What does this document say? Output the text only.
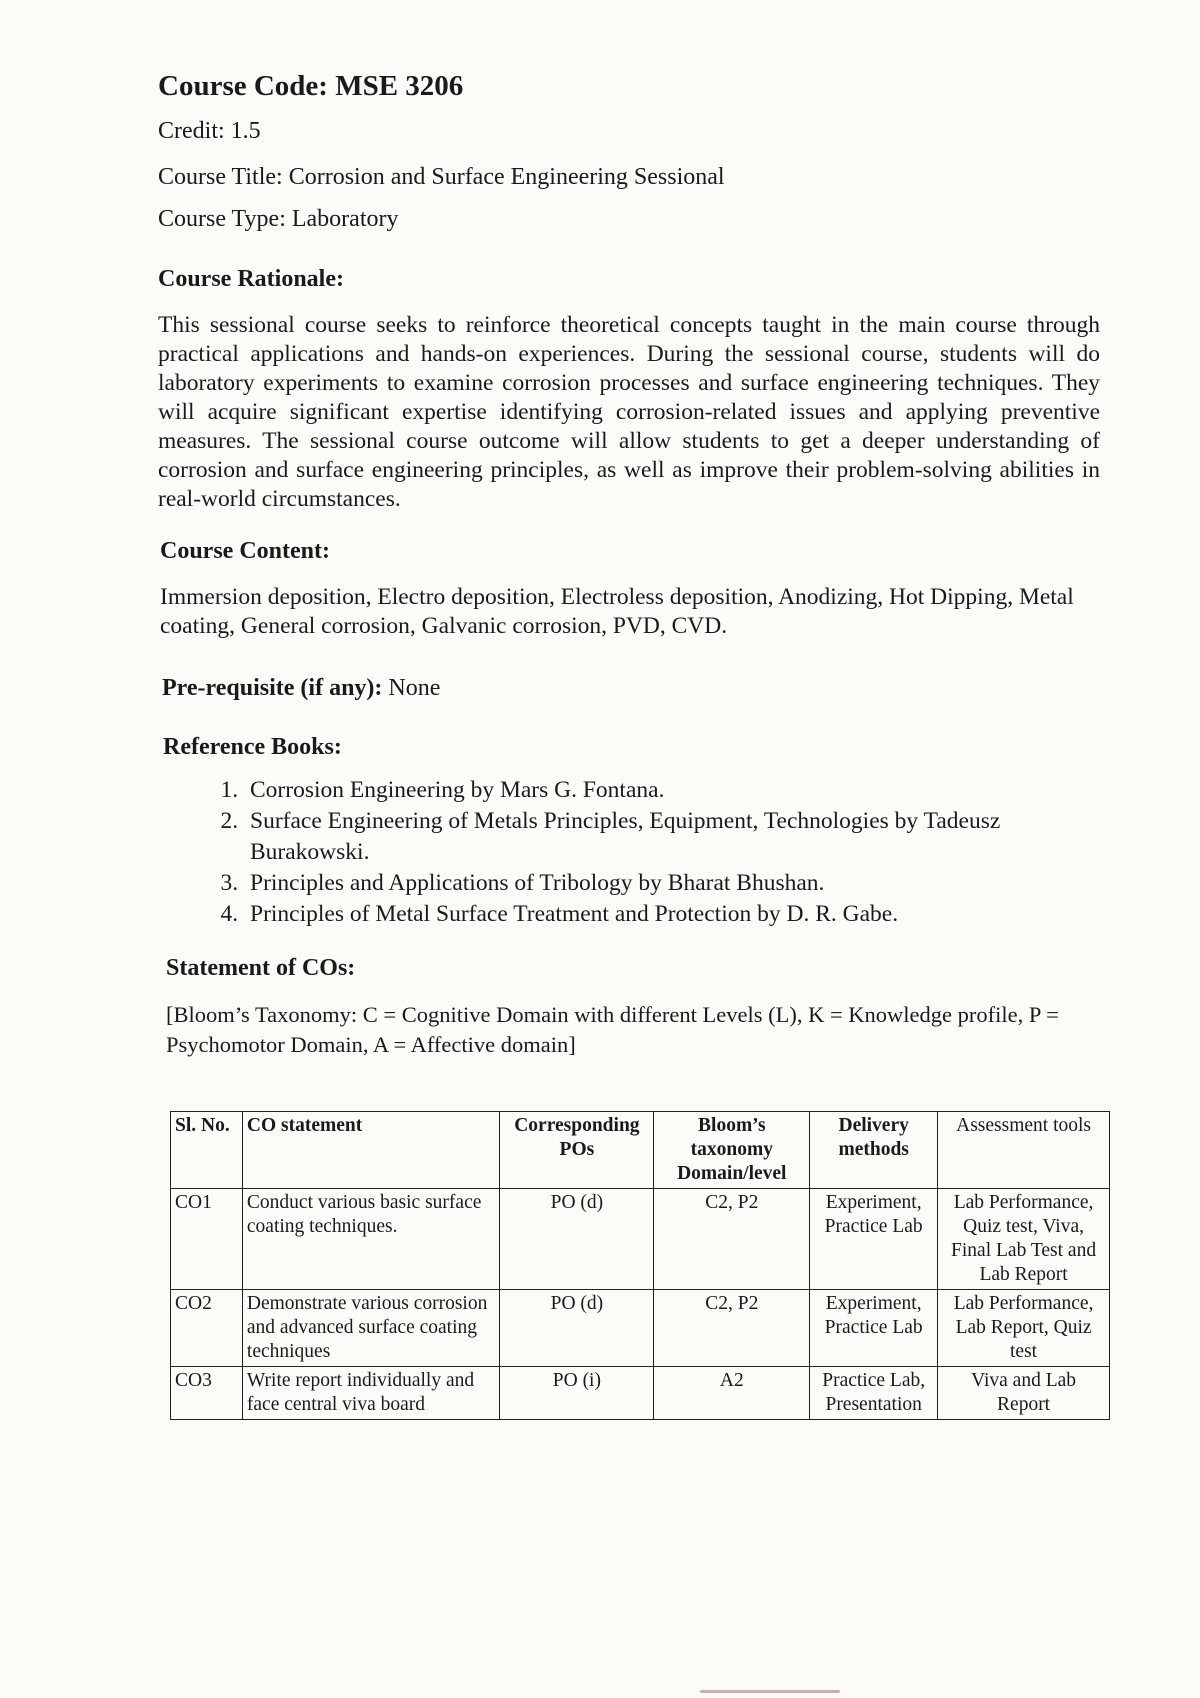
Course Code: MSE 3206
Credit: 1.5
Course Title: Corrosion and Surface Engineering Sessional
Course Type: Laboratory
Course Rationale:
This sessional course seeks to reinforce theoretical concepts taught in the main course through practical applications and hands-on experiences. During the sessional course, students will do laboratory experiments to examine corrosion processes and surface engineering techniques. They will acquire significant expertise identifying corrosion-related issues and applying preventive measures. The sessional course outcome will allow students to get a deeper understanding of corrosion and surface engineering principles, as well as improve their problem-solving abilities in real-world circumstances.
Course Content:
Immersion deposition, Electro deposition, Electroless deposition, Anodizing, Hot Dipping, Metal coating, General corrosion, Galvanic corrosion, PVD, CVD.
Pre-requisite (if any): None
Reference Books:
1. Corrosion Engineering by Mars G. Fontana.
2. Surface Engineering of Metals Principles, Equipment, Technologies by Tadeusz Burakowski.
3. Principles and Applications of Tribology by Bharat Bhushan.
4. Principles of Metal Surface Treatment and Protection by D. R. Gabe.
Statement of COs:
[Bloom’s Taxonomy: C = Cognitive Domain with different Levels (L), K = Knowledge profile, P = Psychomotor Domain, A = Affective domain]
Sl. No.	CO statement	Corresponding POs	Bloom’s taxonomy Domain/level	Delivery methods	Assessment tools
CO1	Conduct various basic surface coating techniques.	PO (d)	C2, P2	Experiment, Practice Lab	Lab Performance, Quiz test, Viva, Final Lab Test and Lab Report
CO2	Demonstrate various corrosion and advanced surface coating techniques	PO (d)	C2, P2	Experiment, Practice Lab	Lab Performance, Lab Report, Quiz test
CO3	Write report individually and face central viva board	PO (i)	A2	Practice Lab, Presentation	Viva and Lab Report
